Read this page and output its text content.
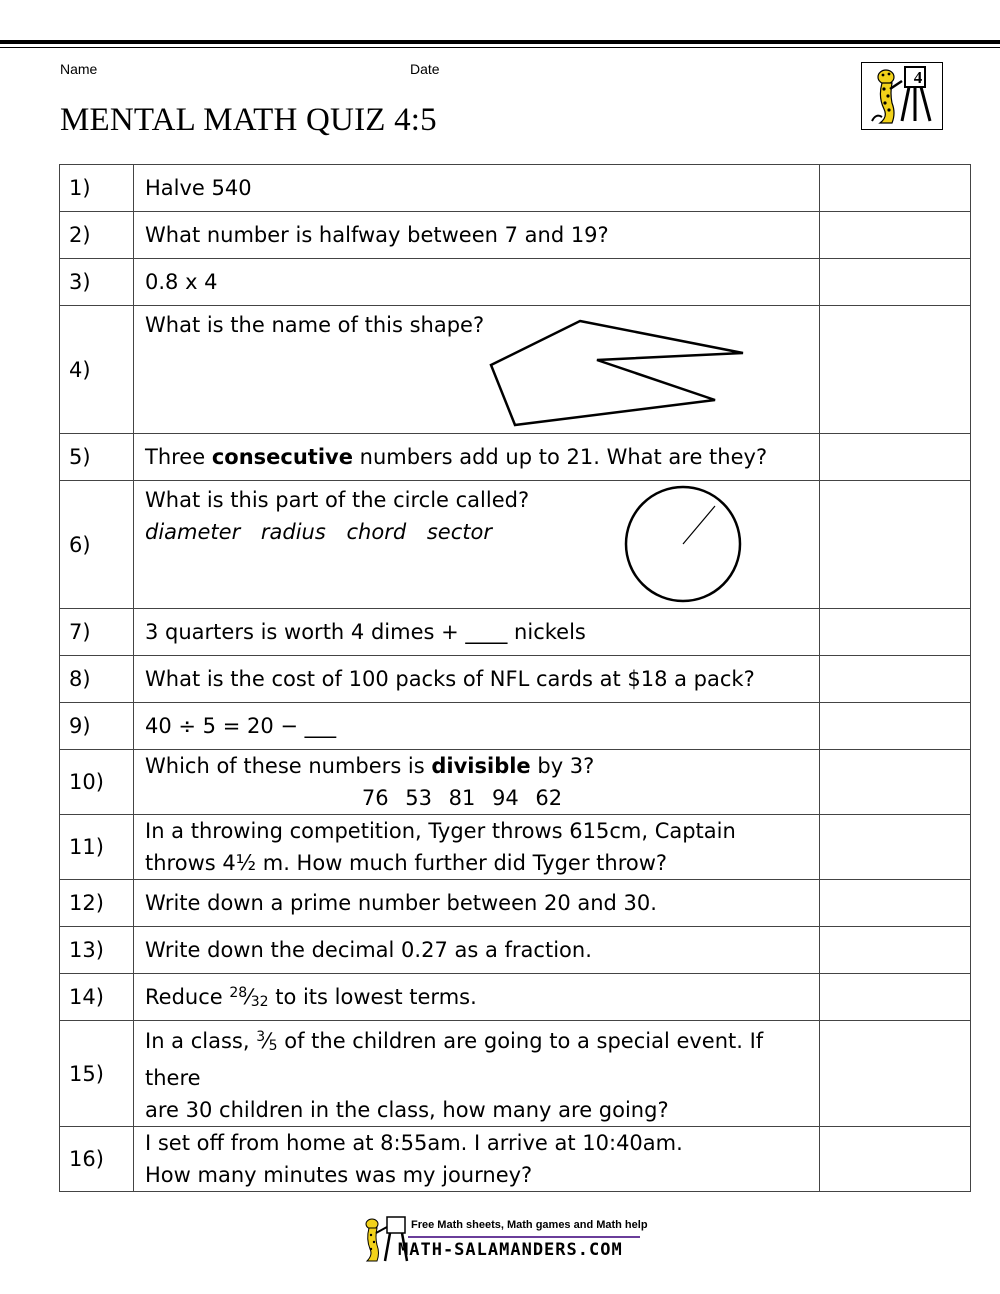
Name	Date
MENTAL MATH QUIZ 4:5
4
1)	Halve 540	
2)	What number is halfway between 7 and 19?	
3)	0.8 x 4	
4)	What is the name of this shape?	

5)	Three consecutive numbers add up to 21. What are they?	
6)	What is this part of the circle called?
diameter radius chord sector	

7)	3 quarters is worth 4 dimes + ____ nickels	
8)	What is the cost of 100 packs of NFL cards at $18 a pack?	
9)	40 ÷ 5 = 20 − ___	
10)	Which of these numbers is divisible by 3?
76 53 81 94 62	

11)	In a throwing competition, Tyger throws 615cm, Captain
throws 4½ m. How much further did Tyger throw?	

12)	Write down a prime number between 20 and 30.	
13)	Write down the decimal 0.27 as a fraction.	
14)	Reduce $^{28}⁄_{32}$ to its lowest terms.	
15)	In a class, $^3⁄_5$ of the children are going to a special event. If there
are 30 children in the class, how many are going?	

16)	I set off from home at 8:55am. I arrive at 10:40am.
How many minutes was my journey?	

Free Math sheets, Math games and Math help
MATH-SALAMANDERS.COM
